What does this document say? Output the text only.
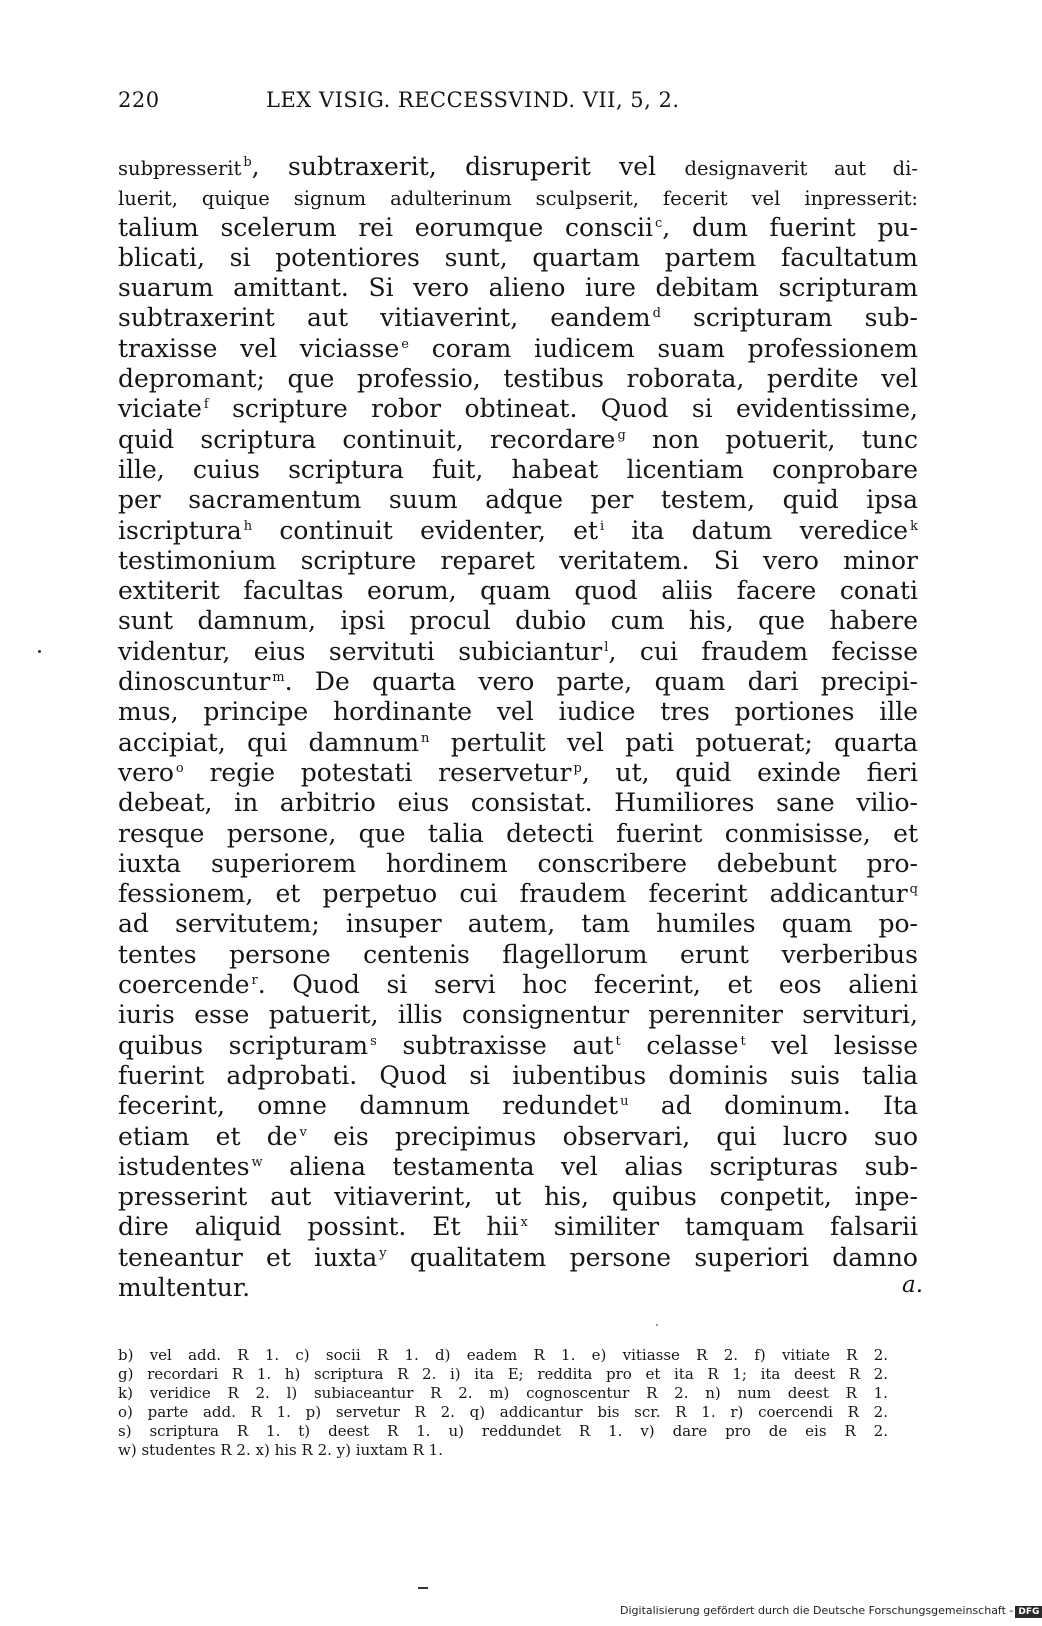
220	LEX VISIG. RECCESSVIND. VII, 5, 2.
subpresserit $^b$, subtraxerit, disruperit vel designaverit aut di-
luerit, quique signum adulterinum sculpserit, fecerit vel inpresserit:
talium scelerum rei eorumque conscii $^c$, dum fuerint pu-
blicati, si potentiores sunt, quartam partem facultatum
suarum amittant. Si vero alieno iure debitam scripturam
subtraxerint aut vitiaverint, eandem $^d$ scripturam sub-
traxisse vel viciasse $^e$ coram iudicem suam professionem
depromant; que professio, testibus roborata, perdite vel
viciate $^f$ scripture robor obtineat. Quod si evidentissime,
quid scriptura continuit, recordare $^g$ non potuerit, tunc
ille, cuius scriptura fuit, habeat licentiam conprobare
per sacramentum suum adque per testem, quid ipsa
iscriptura $^h$ continuit evidenter, et $^i$ ita datum veredice $^k$
testimonium scripture reparet veritatem. Si vero minor
extiterit facultas eorum, quam quod aliis facere conati
sunt damnum, ipsi procul dubio cum his, que habere
videntur, eius servituti subiciantur $^l$, cui fraudem fecisse
dinoscuntur $^m$. De quarta vero parte, quam dari precipi-
mus, principe hordinante vel iudice tres portiones ille
accipiat, qui damnum $^n$ pertulit vel pati potuerat; quarta
vero $^o$ regie potestati reservetur $^p$, ut, quid exinde fieri
debeat, in arbitrio eius consistat. Humiliores sane vilio-
resque persone, que talia detecti fuerint conmisisse, et
iuxta superiorem hordinem conscribere debebunt pro-
fessionem, et perpetuo cui fraudem fecerint addicantur $^q$
ad servitutem; insuper autem, tam humiles quam po-
tentes persone centenis flagellorum erunt verberibus
coercende $^r$. Quod si servi hoc fecerint, et eos alieni
iuris esse patuerit, illis consignentur perenniter servituri,
quibus scripturam $^s$ subtraxisse aut $^t$ celasse $^t$ vel lesisse
fuerint adprobati. Quod si iubentibus dominis suis talia
fecerint, omne damnum redundet $^u$ ad dominum. Ita
etiam et de $^v$ eis precipimus observari, qui lucro suo
istudentes $^w$ aliena testamenta vel alias scripturas sub-
presserint aut vitiaverint, ut his, quibus conpetit, inpe-
dire aliquid possint. Et hii $^x$ similiter tamquam falsarii
teneantur et iuxta $^y$ qualitatem persone superiori damno
multentur.	a.
b) vel add. R 1. c) socii R 1. d) eadem R 1. e) vitiasse R 2. f) vitiate R 2.
g) recordari R 1. h) scriptura R 2. i) ita E; reddita pro et ita R 1; ita deest R 2.
k) veridice R 2. l) subiaceantur R 2. m) cognoscentur R 2. n) num deest R 1.
o) parte add. R 1. p) servetur R 2. q) addicantur bis scr. R 1. r) coercendi R 2.
s) scriptura R 1. t) deest R 1. u) reddundet R 1. v) dare pro de eis R 2.
w) studentes R 2. x) his R 2. y) iuxtam R 1.
Digitalisierung gefördert durch die Deutsche Forschungsgemeinschaft - DFG
